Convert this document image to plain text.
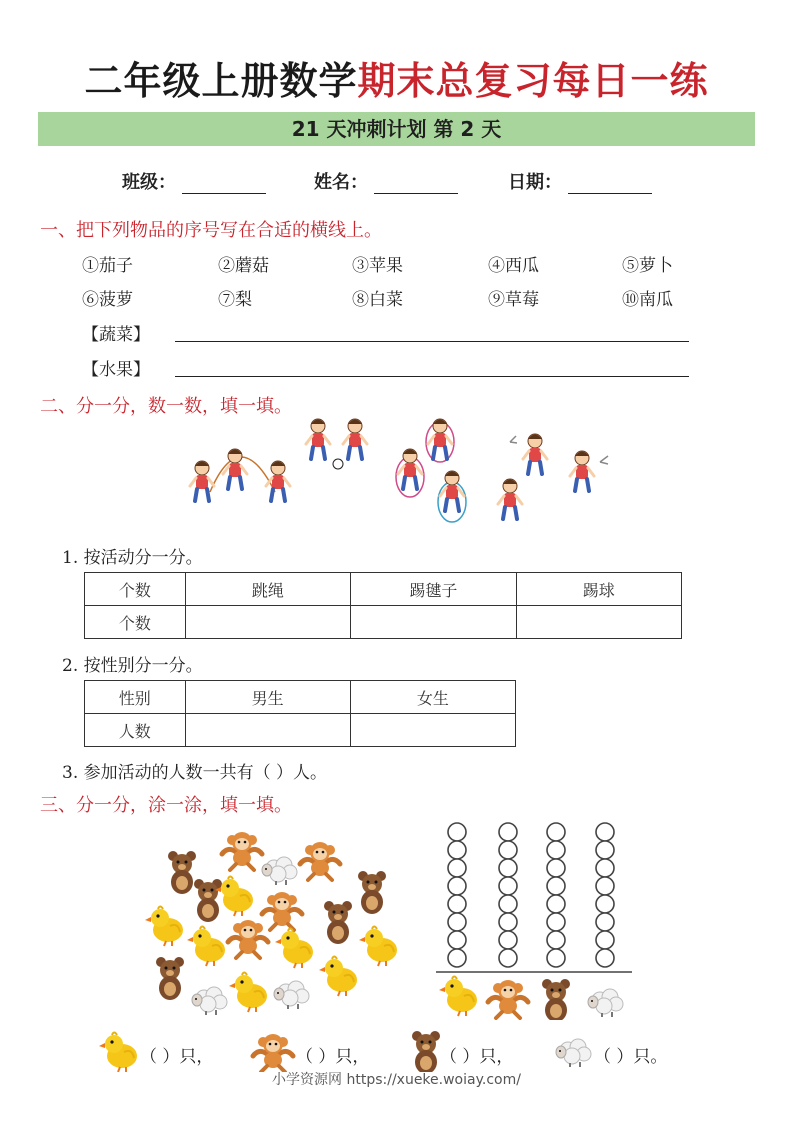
二年级上册数学期末总复习每日一练
21 天冲刺计划 第 2 天
班级：	姓名：	日期：
一、把下列物品的序号写在合适的横线上。
①茄子	②蘑菇	③苹果	④西瓜	⑤萝卜
⑥菠萝	⑦梨	⑧白菜	⑨草莓	⑩南瓜
【蔬菜】
【水果】
二、分一分，数一数，填一填。
1. 按活动分一分。
个数	跳绳	踢毽子	踢球
个数			
2. 按性别分一分。
性别	男生	女生
人数		
3. 参加活动的人数一共有（ ）人。
三、分一分，涂一涂，填一填。
（ ）只，	（ ）只，	（ ）只，	（ ）只。
小学资源网 https://xueke.woiay.com/
